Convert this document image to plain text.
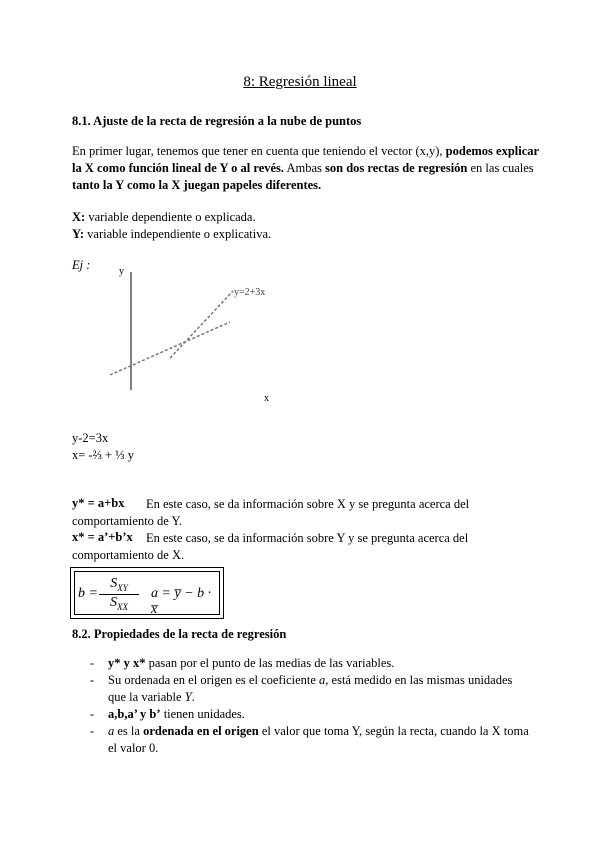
8: Regresión lineal
8.1. Ajuste de la recta de regresión a la nube de puntos
En primer lugar, tenemos que tener en cuenta que teniendo el vector (x,y), podemos explicar la X como función lineal de Y o al revés. Ambas son dos rectas de regresión en las cuales tanto la Y como la X juegan papeles diferentes.
X: variable dependiente o explicada.
Y: variable independiente o explicativa.
Ej :	y
x
y=2+3x
y-2=3x
x= -⅔ + ⅓ y
y* = a+bx	En este caso, se da información sobre X y se pregunta acerca del comportamiento de Y.
x* = a’+b’x	En este caso, se da información sobre Y y se pregunta acerca del comportamiento de X.
b =
$S_{XY}$
$S_{XX}$
a = y̅ − b · x̅
8.2. Propiedades de la recta de regresión
- y* y x* pasan por el punto de las medias de las variables.
- Su ordenada en el origen es el coeficiente a, está medido en las mismas unidades que la variable Y.
- a,b,a’ y b’ tienen unidades.
- a es la ordenada en el origen el valor que toma Y, según la recta, cuando la X toma el valor 0.
